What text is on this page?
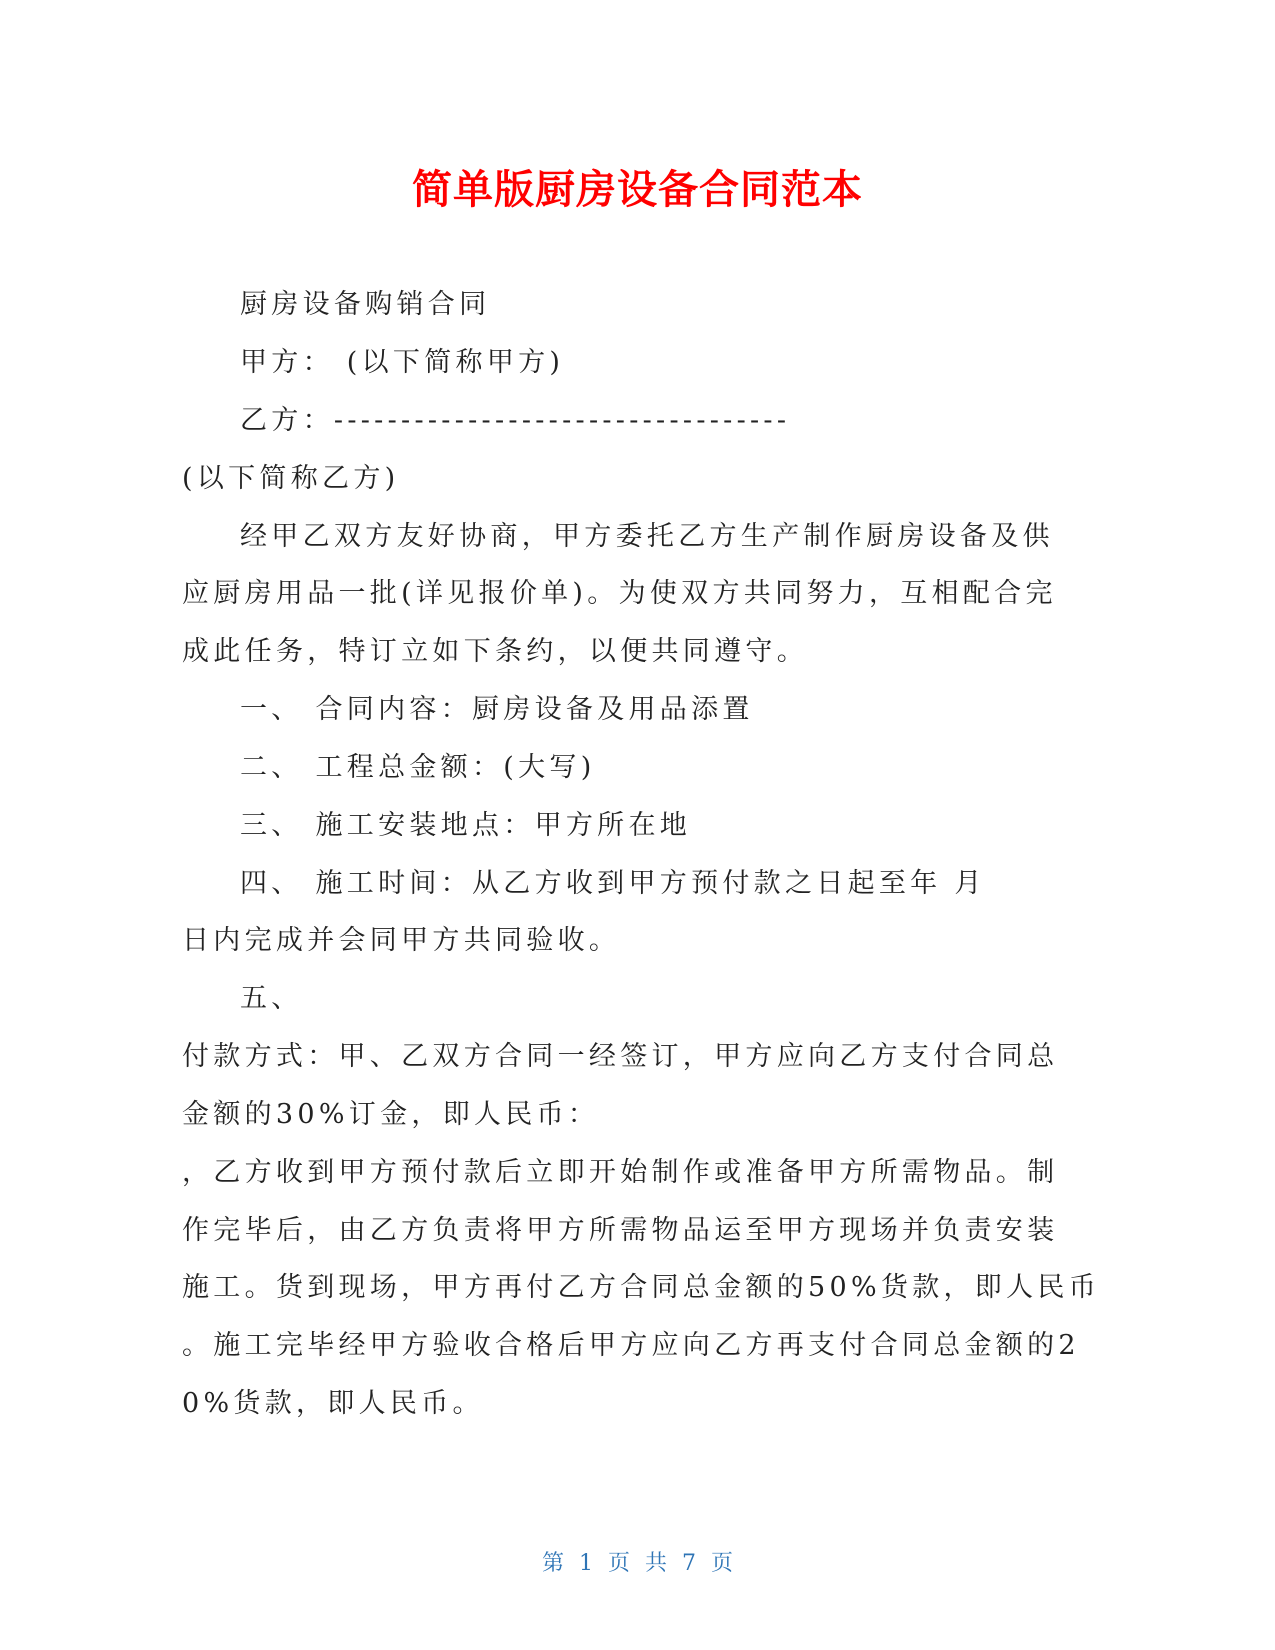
简单版厨房设备合同范本
厨房设备购销合同
甲方： (以下简称甲方)
乙方：----------------------------------
(以下简称乙方)
经甲乙双方友好协商，甲方委托乙方生产制作厨房设备及供
应厨房用品一批(详见报价单)。为使双方共同努力，互相配合完
成此任务，特订立如下条约，以便共同遵守。
一、 合同内容：厨房设备及用品添置
二、 工程总金额：(大写)
三、 施工安装地点：甲方所在地
四、 施工时间：从乙方收到甲方预付款之日起至年 月
日内完成并会同甲方共同验收。
五、
付款方式：甲、乙双方合同一经签订，甲方应向乙方支付合同总
金额的30%订金，即人民币：
，乙方收到甲方预付款后立即开始制作或准备甲方所需物品。制
作完毕后，由乙方负责将甲方所需物品运至甲方现场并负责安装
施工。货到现场，甲方再付乙方合同总金额的50%货款，即人民币
。施工完毕经甲方验收合格后甲方应向乙方再支付合同总金额的2
0%货款，即人民币。
第 1 页 共 7 页
